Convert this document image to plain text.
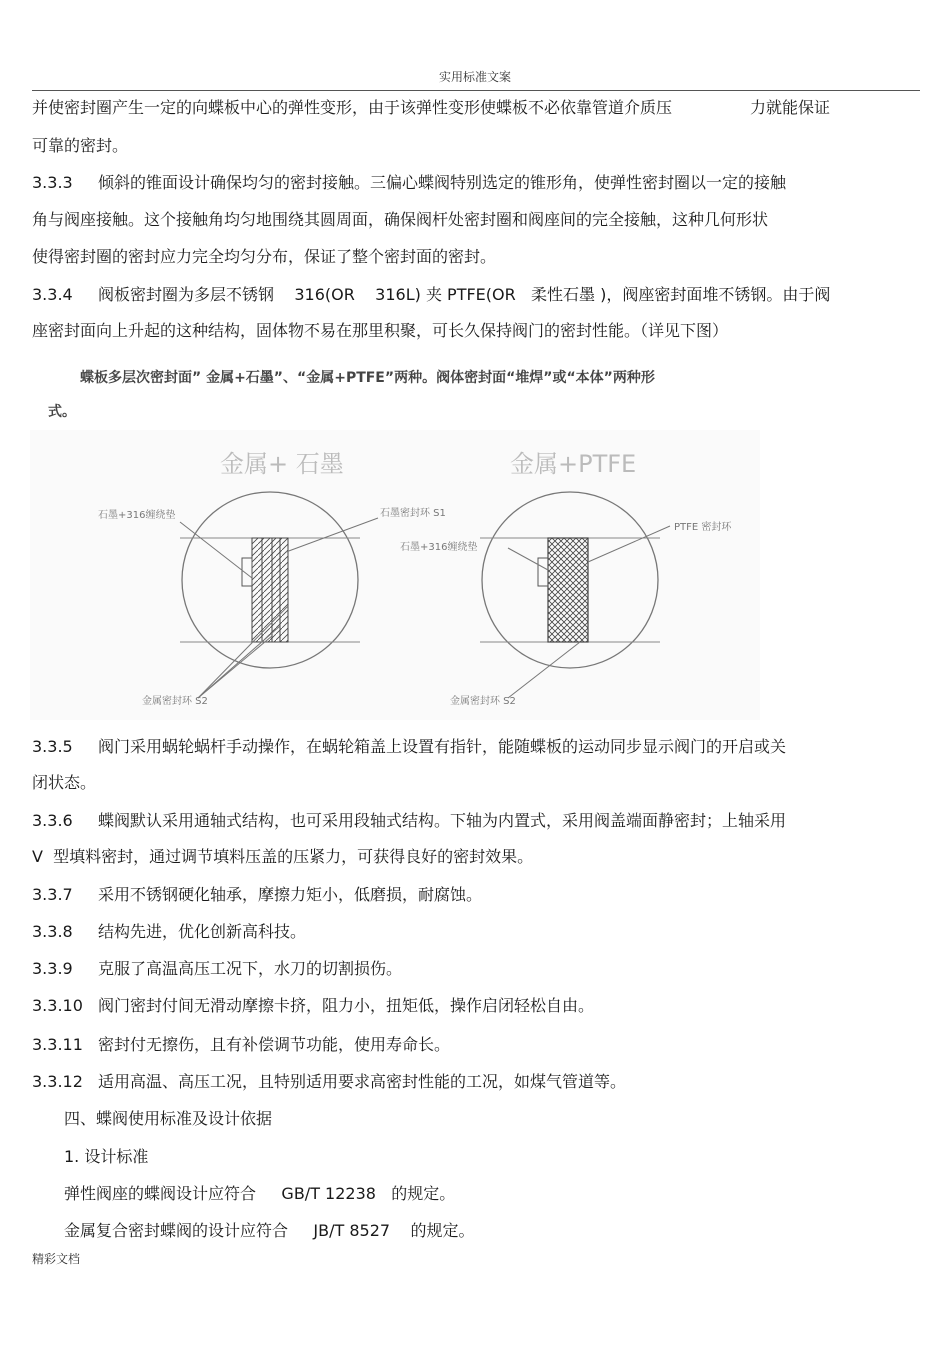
实用标准文案
并使密封圈产生一定的向蝶板中心的弹性变形，由于该弹性变形使蝶板不必依靠管道介质压	力就能保证
可靠的密封。
3.3.3 倾斜的锥面设计确保均匀的密封接触。三偏心蝶阀特别选定的锥形角，使弹性密封圈以一定的接触
角与阀座接触。这个接触角均匀地围绕其圆周面，确保阀杆处密封圈和阀座间的完全接触，这种几何形状
使得密封圈的密封应力完全均匀分布，保证了整个密封面的密封。
3.3.4 阀板密封圈为多层不锈钢    316(OR    316L) 夹 PTFE(OR   柔性石墨 )，阀座密封面堆不锈钢。由于阀
座密封面向上升起的这种结构，固体物不易在那里积聚，可长久保持阀门的密封性能。（详见下图）
蝶板多层次密封面” 金属+石墨”、“金属+PTFE”两种。阀体密封面“堆焊”或“本体”两种形
式。
金属+ 石墨
石墨+316缠绕垫	石墨密封环 S1
金属密封环 S2
金属+PTFE
石墨+316缠绕垫
PTFE 密封环
金属密封环 S2
3.3.5 阀门采用蜗轮蜗杆手动操作，在蜗轮箱盖上设置有指针，能随蝶板的运动同步显示阀门的开启或关
闭状态。
3.3.6 蝶阀默认采用通轴式结构，也可采用段轴式结构。下轴为内置式，采用阀盖端面静密封；上轴采用
V  型填料密封，通过调节填料压盖的压紧力，可获得良好的密封效果。
3.3.7 采用不锈钢硬化轴承，摩擦力矩小，低磨损，耐腐蚀。
3.3.8 结构先进，优化创新高科技。
3.3.9 克服了高温高压工况下，水刀的切割损伤。
3.3.10 阀门密封付间无滑动摩擦卡挤，阻力小，扭矩低，操作启闭轻松自由。
3.3.11 密封付无擦伤，且有补偿调节功能，使用寿命长。
3.3.12 适用高温、高压工况，且特别适用要求高密封性能的工况，如煤气管道等。
四、蝶阀使用标准及设计依据
1. 设计标准
弹性阀座的蝶阀设计应符合     GB/T 12238   的规定。
金属复合密封蝶阀的设计应符合     JB/T 8527    的规定。
精彩文档
